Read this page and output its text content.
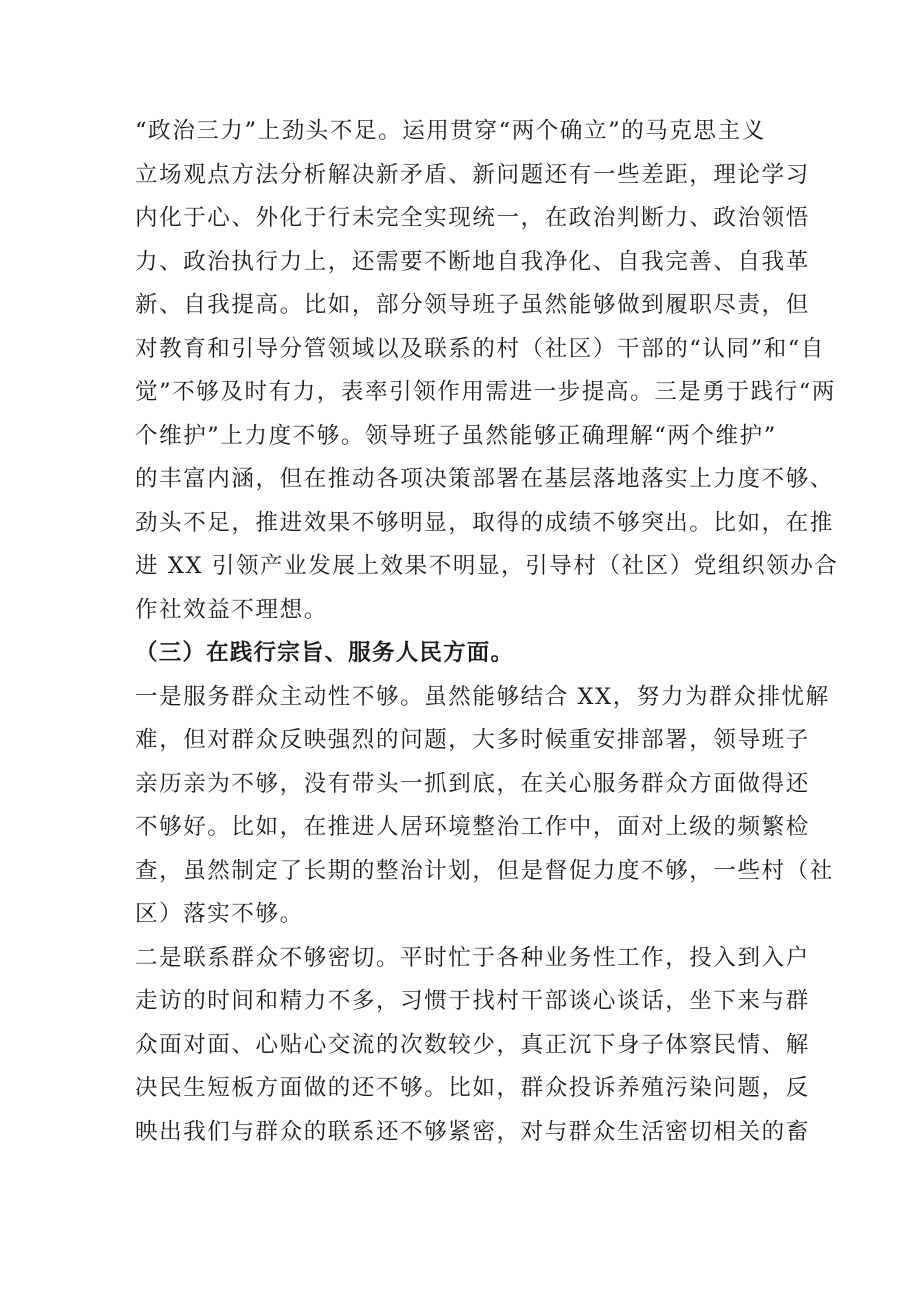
“政治三力”上劲头不足。运用贯穿“两个确立”的马克思主义
立场观点方法分析解决新矛盾、新问题还有一些差距，理论学习
内化于心、外化于行未完全实现统一，在政治判断力、政治领悟
力、政治执行力上，还需要不断地自我净化、自我完善、自我革
新、自我提高。比如，部分领导班子虽然能够做到履职尽责，但
对教育和引导分管领域以及联系的村（社区）干部的“认同”和“自
觉”不够及时有力，表率引领作用需进一步提高。三是勇于践行“两
个维护”上力度不够。领导班子虽然能够正确理解“两个维护”
的丰富内涵，但在推动各项决策部署在基层落地落实上力度不够、
劲头不足，推进效果不够明显，取得的成绩不够突出。比如，在推
进 XX 引领产业发展上效果不明显，引导村（社区）党组织领办合
作社效益不理想。
（三）在践行宗旨、服务人民方面。
一是服务群众主动性不够。虽然能够结合 XX，努力为群众排忧解
难，但对群众反映强烈的问题，大多时候重安排部署，领导班子
亲历亲为不够，没有带头一抓到底，在关心服务群众方面做得还
不够好。比如，在推进人居环境整治工作中，面对上级的频繁检
查，虽然制定了长期的整治计划，但是督促力度不够，一些村（社
区）落实不够。
二是联系群众不够密切。平时忙于各种业务性工作，投入到入户
走访的时间和精力不多，习惯于找村干部谈心谈话，坐下来与群
众面对面、心贴心交流的次数较少，真正沉下身子体察民情、解
决民生短板方面做的还不够。比如，群众投诉养殖污染问题，反
映出我们与群众的联系还不够紧密，对与群众生活密切相关的畜
